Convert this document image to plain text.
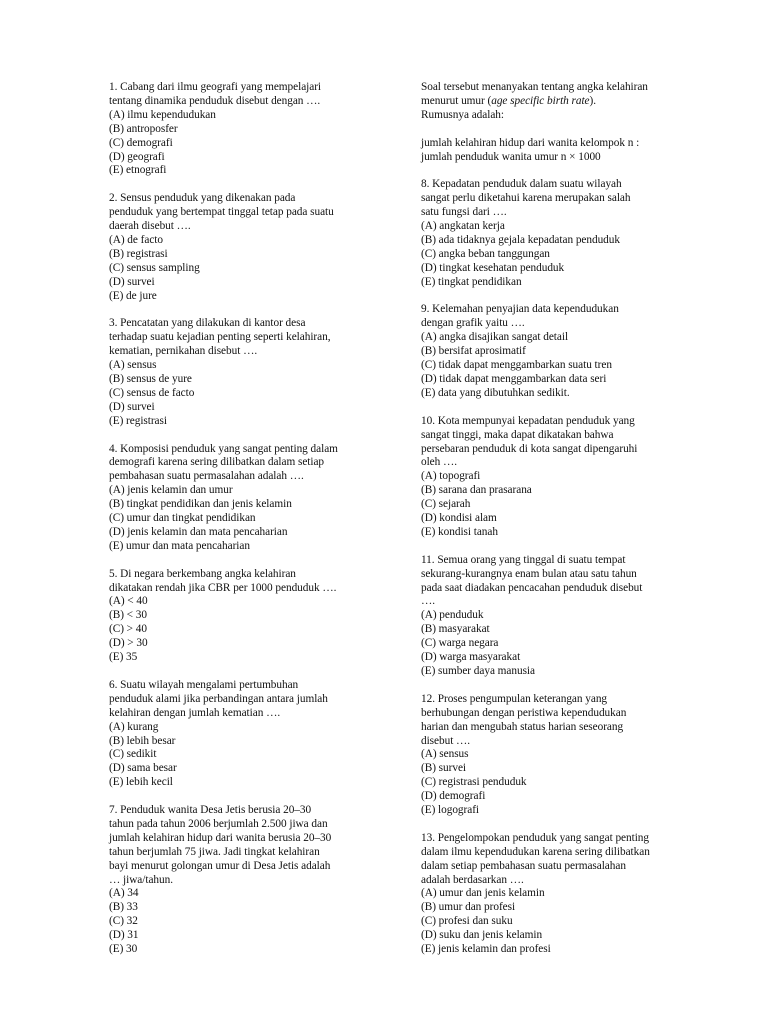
1. Cabang dari ilmu geografi yang mempelajari
tentang dinamika penduduk disebut dengan ….
(A) ilmu kependudukan
(B) antroposfer
(C) demografi
(D) geografi
(E) etnografi
2. Sensus penduduk yang dikenakan pada
penduduk yang bertempat tinggal tetap pada suatu
daerah disebut ….
(A) de facto
(B) registrasi
(C) sensus sampling
(D) survei
(E) de jure
3. Pencatatan yang dilakukan di kantor desa
terhadap suatu kejadian penting seperti kelahiran,
kematian, pernikahan disebut ….
(A) sensus
(B) sensus de yure
(C) sensus de facto
(D) survei
(E) registrasi
4. Komposisi penduduk yang sangat penting dalam
demografi karena sering dilibatkan dalam setiap
pembahasan suatu permasalahan adalah ….
(A) jenis kelamin dan umur
(B) tingkat pendidikan dan jenis kelamin
(C) umur dan tingkat pendidikan
(D) jenis kelamin dan mata pencaharian
(E) umur dan mata pencaharian
5. Di negara berkembang angka kelahiran
dikatakan rendah jika CBR per 1000 penduduk ….
(A) < 40
(B) < 30
(C) > 40
(D) > 30
(E) 35
6. Suatu wilayah mengalami pertumbuhan
penduduk alami jika perbandingan antara jumlah
kelahiran dengan jumlah kematian ….
(A) kurang
(B) lebih besar
(C) sedikit
(D) sama besar
(E) lebih kecil
7. Penduduk wanita Desa Jetis berusia 20–30
tahun pada tahun 2006 berjumlah 2.500 jiwa dan
jumlah kelahiran hidup dari wanita berusia 20–30
tahun berjumlah 75 jiwa. Jadi tingkat kelahiran
bayi menurut golongan umur di Desa Jetis adalah
… jiwa/tahun.
(A) 34
(B) 33
(C) 32
(D) 31
(E) 30
Soal tersebut menanyakan tentang angka kelahiran
menurut umur (age specific birth rate).
Rumusnya adalah:
jumlah kelahiran hidup dari wanita kelompok n :
jumlah penduduk wanita umur n × 1000
8. Kepadatan penduduk dalam suatu wilayah
sangat perlu diketahui karena merupakan salah
satu fungsi dari ….
(A) angkatan kerja
(B) ada tidaknya gejala kepadatan penduduk
(C) angka beban tanggungan
(D) tingkat kesehatan penduduk
(E) tingkat pendidikan
9. Kelemahan penyajian data kependudukan
dengan grafik yaitu ….
(A) angka disajikan sangat detail
(B) bersifat aprosimatif
(C) tidak dapat menggambarkan suatu tren
(D) tidak dapat menggambarkan data seri
(E) data yang dibutuhkan sedikit.
10. Kota mempunyai kepadatan penduduk yang
sangat tinggi, maka dapat dikatakan bahwa
persebaran penduduk di kota sangat dipengaruhi
oleh ….
(A) topografi
(B) sarana dan prasarana
(C) sejarah
(D) kondisi alam
(E) kondisi tanah
11. Semua orang yang tinggal di suatu tempat
sekurang-kurangnya enam bulan atau satu tahun
pada saat diadakan pencacahan penduduk disebut
….
(A) penduduk
(B) masyarakat
(C) warga negara
(D) warga masyarakat
(E) sumber daya manusia
12. Proses pengumpulan keterangan yang
berhubungan dengan peristiwa kependudukan
harian dan mengubah status harian seseorang
disebut ….
(A) sensus
(B) survei
(C) registrasi penduduk
(D) demografi
(E) logografi
13. Pengelompokan penduduk yang sangat penting
dalam ilmu kependudukan karena sering dilibatkan
dalam setiap pembahasan suatu permasalahan
adalah berdasarkan ….
(A) umur dan jenis kelamin
(B) umur dan profesi
(C) profesi dan suku
(D) suku dan jenis kelamin
(E) jenis kelamin dan profesi
